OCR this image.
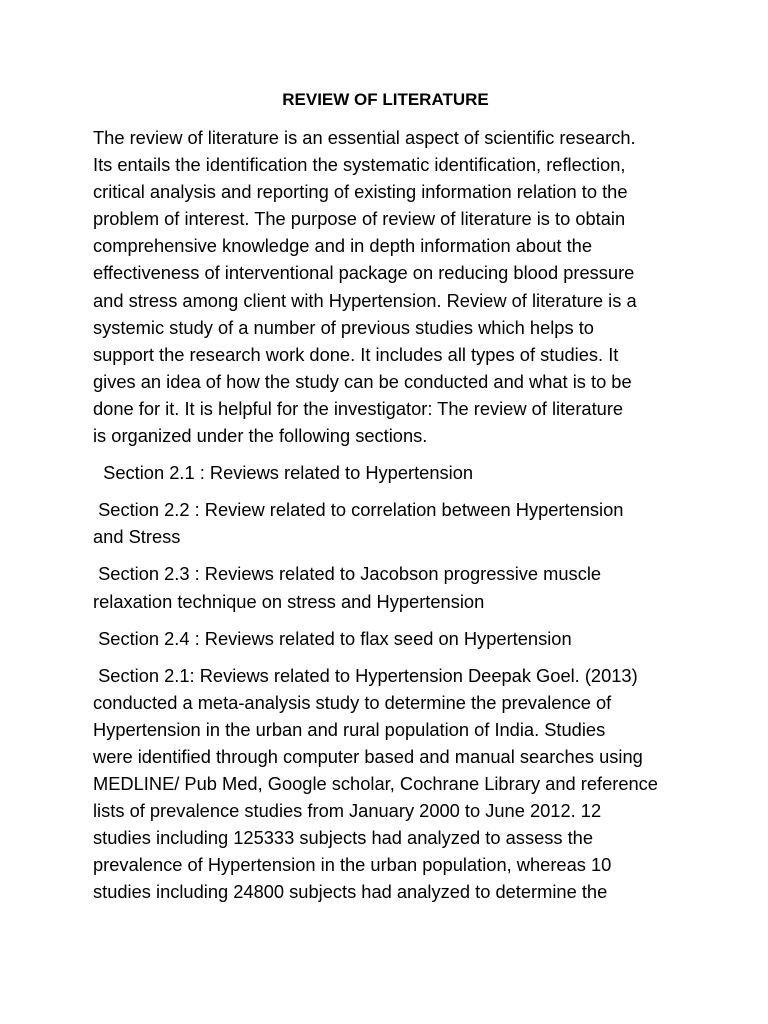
REVIEW OF LITERATURE

The review of literature is an essential aspect of scientific research.
Its entails the identification the systematic identification, reflection,
critical analysis and reporting of existing information relation to the
problem of interest. The purpose of review of literature is to obtain
comprehensive knowledge and in depth information about the
effectiveness of interventional package on reducing blood pressure
and stress among client with Hypertension. Review of literature is a
systemic study of a number of previous studies which helps to
support the research work done. It includes all types of studies. It
gives an idea of how the study can be conducted and what is to be
done for it. It is helpful for the investigator: The review of literature
is organized under the following sections.

Section 2.1 : Reviews related to Hypertension

Section 2.2 : Review related to correlation between Hypertension
and Stress

Section 2.3 : Reviews related to Jacobson progressive muscle
relaxation technique on stress and Hypertension

Section 2.4 : Reviews related to flax seed on Hypertension

Section 2.1: Reviews related to Hypertension Deepak Goel. (2013)
conducted a meta-analysis study to determine the prevalence of
Hypertension in the urban and rural population of India. Studies
were identified through computer based and manual searches using
MEDLINE/ Pub Med, Google scholar, Cochrane Library and reference
lists of prevalence studies from January 2000 to June 2012. 12
studies including 125333 subjects had analyzed to assess the
prevalence of Hypertension in the urban population, whereas 10
studies including 24800 subjects had analyzed to determine the
